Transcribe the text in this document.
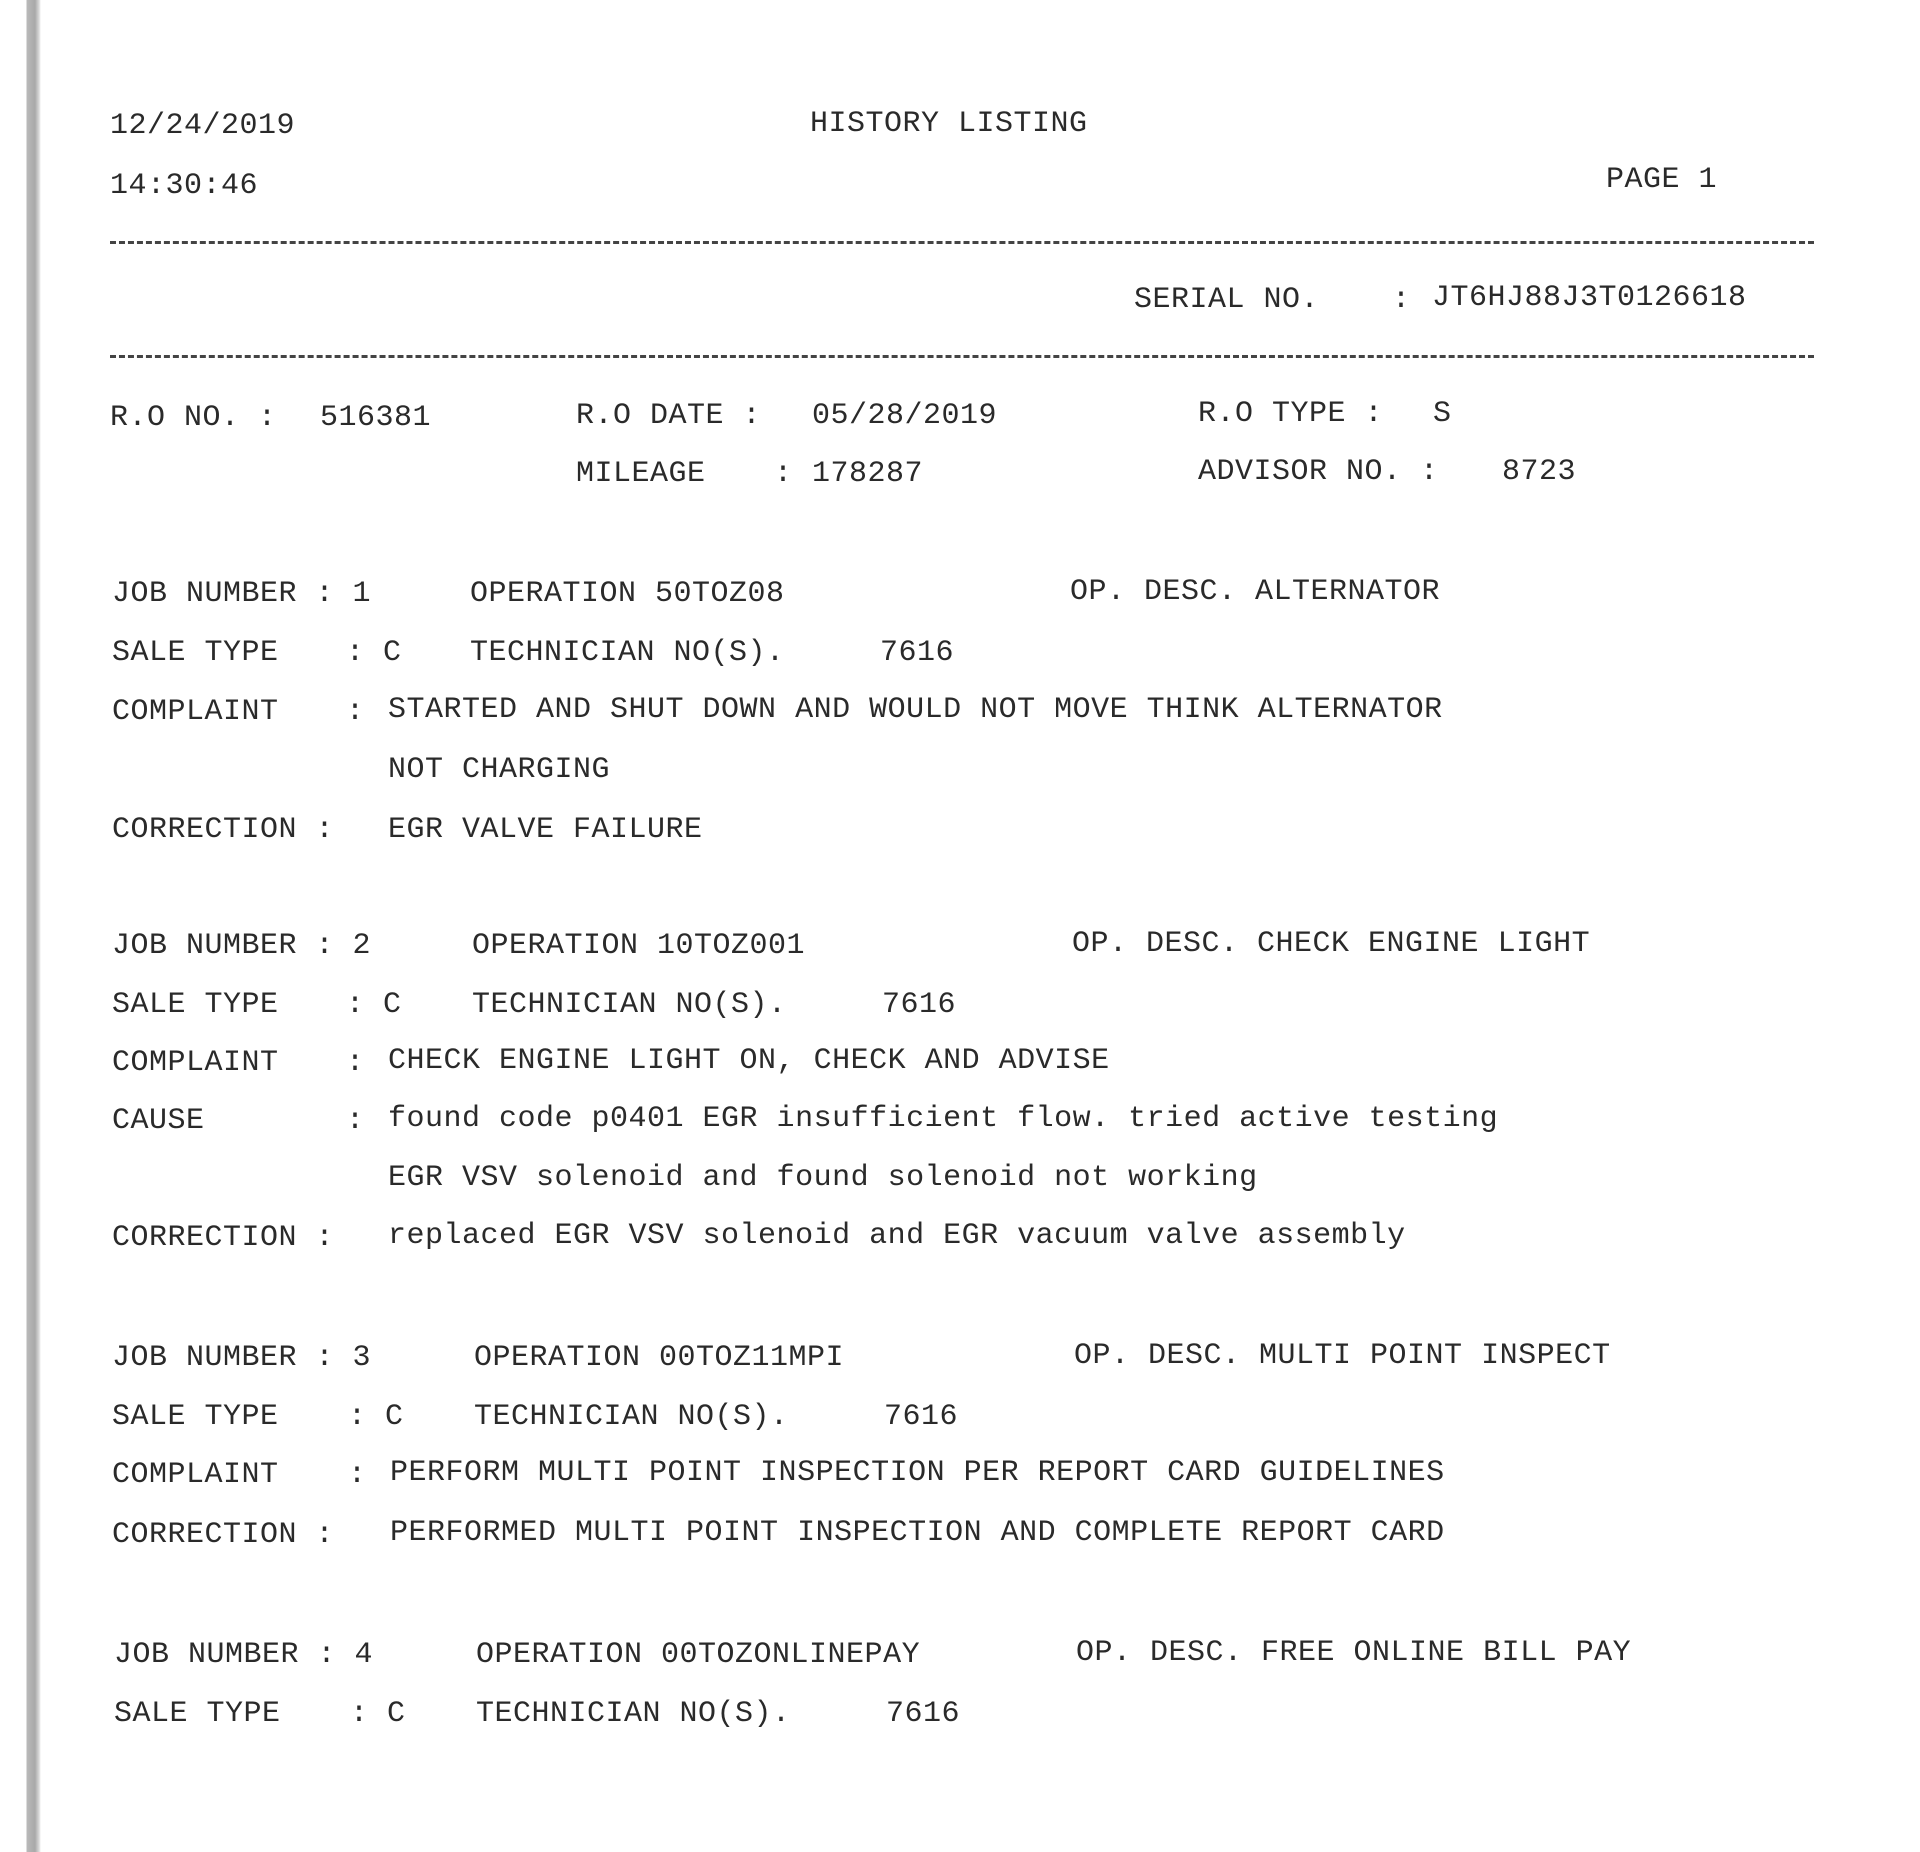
12/24/2019
14:30:46
HISTORY LISTING
PAGE 1
SERIAL NO. : JT6HJ88J3T0126618
R.O NO. : 516381	R.O DATE : 05/28/2019	R.O TYPE : S
MILEAGE : 178287	ADVISOR NO. : 8723
JOB NUMBER : 1	OPERATION 50TOZ08	OP. DESC. ALTERNATOR
SALE TYPE : C TECHNICIAN NO(S).	7616
COMPLAINT : STARTED AND SHUT DOWN AND WOULD NOT MOVE THINK ALTERNATOR
NOT CHARGING
CORRECTION : EGR VALVE FAILURE
JOB NUMBER : 2	OPERATION 10TOZ001	OP. DESC. CHECK ENGINE LIGHT
SALE TYPE : C TECHNICIAN NO(S).	7616
COMPLAINT : CHECK ENGINE LIGHT ON, CHECK AND ADVISE
CAUSE	: found code p0401 EGR insufficient flow. tried active testing
EGR VSV solenoid and found solenoid not working
CORRECTION : replaced EGR VSV solenoid and EGR vacuum valve assembly
JOB NUMBER : 3	OPERATION 00TOZ11MPI	OP. DESC. MULTI POINT INSPECT
SALE TYPE : C TECHNICIAN NO(S).	7616
COMPLAINT : PERFORM MULTI POINT INSPECTION PER REPORT CARD GUIDELINES
CORRECTION : PERFORMED MULTI POINT INSPECTION AND COMPLETE REPORT CARD
JOB NUMBER : 4	OPERATION 00TOZONLINEPAY	OP. DESC. FREE ONLINE BILL PAY
SALE TYPE : C TECHNICIAN NO(S).	7616
